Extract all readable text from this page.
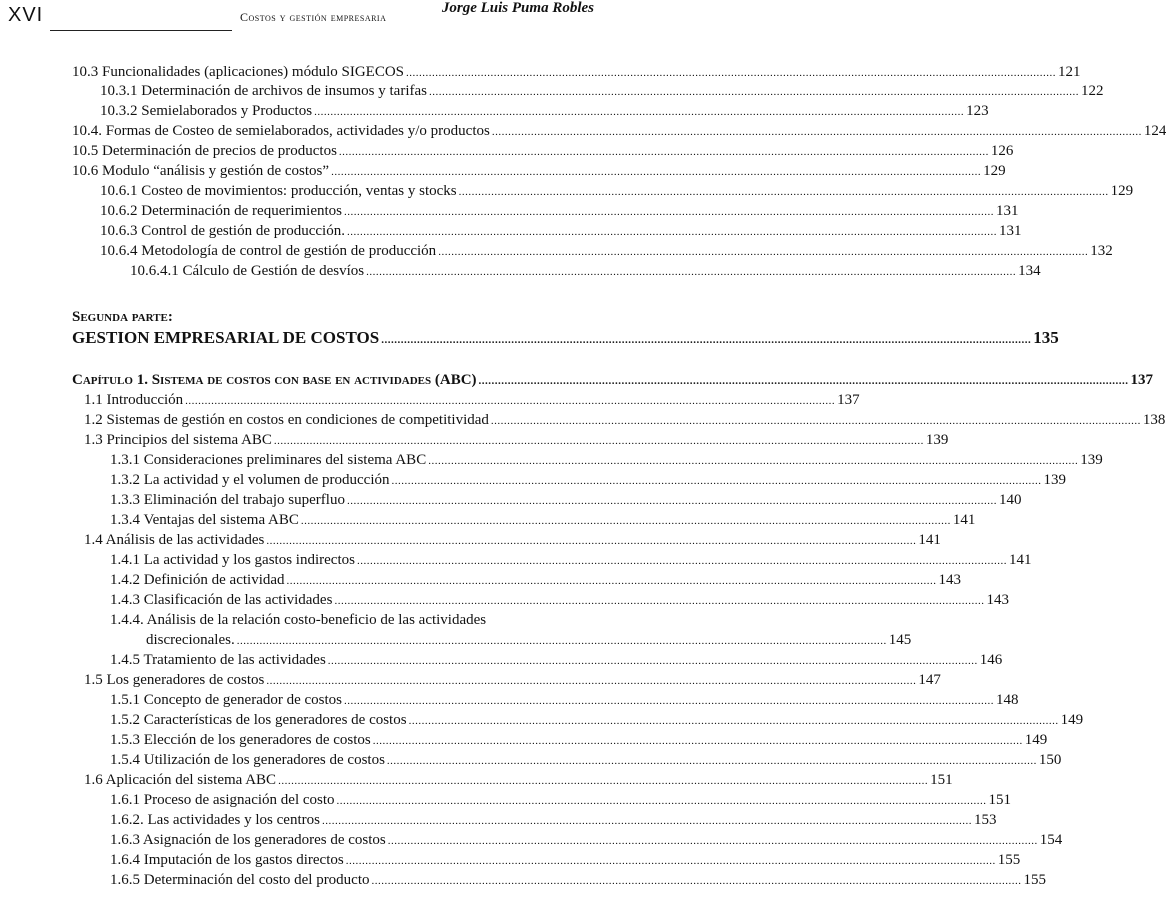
XVI	Costos y gestión empresaria
Jorge Luis Puma Robles
10.3 Funcionalidades (aplicaciones) módulo SIGECOS ........................................................................................................................................................................................................ 121
10.3.1 Determinación de archivos de insumos y tarifas ........................................................................................................................................................................................................ 122
10.3.2 Semielaborados y Productos ........................................................................................................................................................................................................ 123
10.4. Formas de Costeo de semielaborados, actividades y/o productos ........................................................................................................................................................................................................ 124
10.5 Determinación de precios de productos ........................................................................................................................................................................................................ 126
10.6 Modulo “análisis y gestión de costos” ........................................................................................................................................................................................................ 129
10.6.1 Costeo de movimientos: producción, ventas y stocks ........................................................................................................................................................................................................ 129
10.6.2 Determinación de requerimientos ........................................................................................................................................................................................................ 131
10.6.3 Control de gestión de producción. ........................................................................................................................................................................................................ 131
10.6.4 Metodología de control de gestión de producción ........................................................................................................................................................................................................ 132
10.6.4.1 Cálculo de Gestión de desvíos ........................................................................................................................................................................................................ 134
Segunda parte:
GESTION EMPRESARIAL DE COSTOS ........................................................................................................................................................................................................ 135
Capítulo 1. Sistema de costos con base en actividades (ABC) ........................................................................................................................................................................................................ 137
1.1 Introducción ........................................................................................................................................................................................................ 137
1.2 Sistemas de gestión en costos en condiciones de competitividad ........................................................................................................................................................................................................ 138
1.3 Principios del sistema ABC ........................................................................................................................................................................................................ 139
1.3.1 Consideraciones preliminares del sistema ABC ........................................................................................................................................................................................................ 139
1.3.2 La actividad y el volumen de producción ........................................................................................................................................................................................................ 139
1.3.3 Eliminación del trabajo superfluo ........................................................................................................................................................................................................ 140
1.3.4 Ventajas del sistema ABC ........................................................................................................................................................................................................ 141
1.4 Análisis de las actividades ........................................................................................................................................................................................................ 141
1.4.1 La actividad y los gastos indirectos ........................................................................................................................................................................................................ 141
1.4.2 Definición de actividad ........................................................................................................................................................................................................ 143
1.4.3 Clasificación de las actividades ........................................................................................................................................................................................................ 143
1.4.4. Análisis de la relación costo-beneficio de las actividades
discrecionales. ........................................................................................................................................................................................................ 145
1.4.5 Tratamiento de las actividades ........................................................................................................................................................................................................ 146
1.5 Los generadores de costos ........................................................................................................................................................................................................ 147
1.5.1 Concepto de generador de costos ........................................................................................................................................................................................................ 148
1.5.2 Características de los generadores de costos ........................................................................................................................................................................................................ 149
1.5.3 Elección de los generadores de costos ........................................................................................................................................................................................................ 149
1.5.4 Utilización de los generadores de costos ........................................................................................................................................................................................................ 150
1.6 Aplicación del sistema ABC ........................................................................................................................................................................................................ 151
1.6.1 Proceso de asignación del costo ........................................................................................................................................................................................................ 151
1.6.2. Las actividades y los centros ........................................................................................................................................................................................................ 153
1.6.3 Asignación de los generadores de costos ........................................................................................................................................................................................................ 154
1.6.4 Imputación de los gastos directos ........................................................................................................................................................................................................ 155
1.6.5 Determinación del costo del producto ........................................................................................................................................................................................................ 155
